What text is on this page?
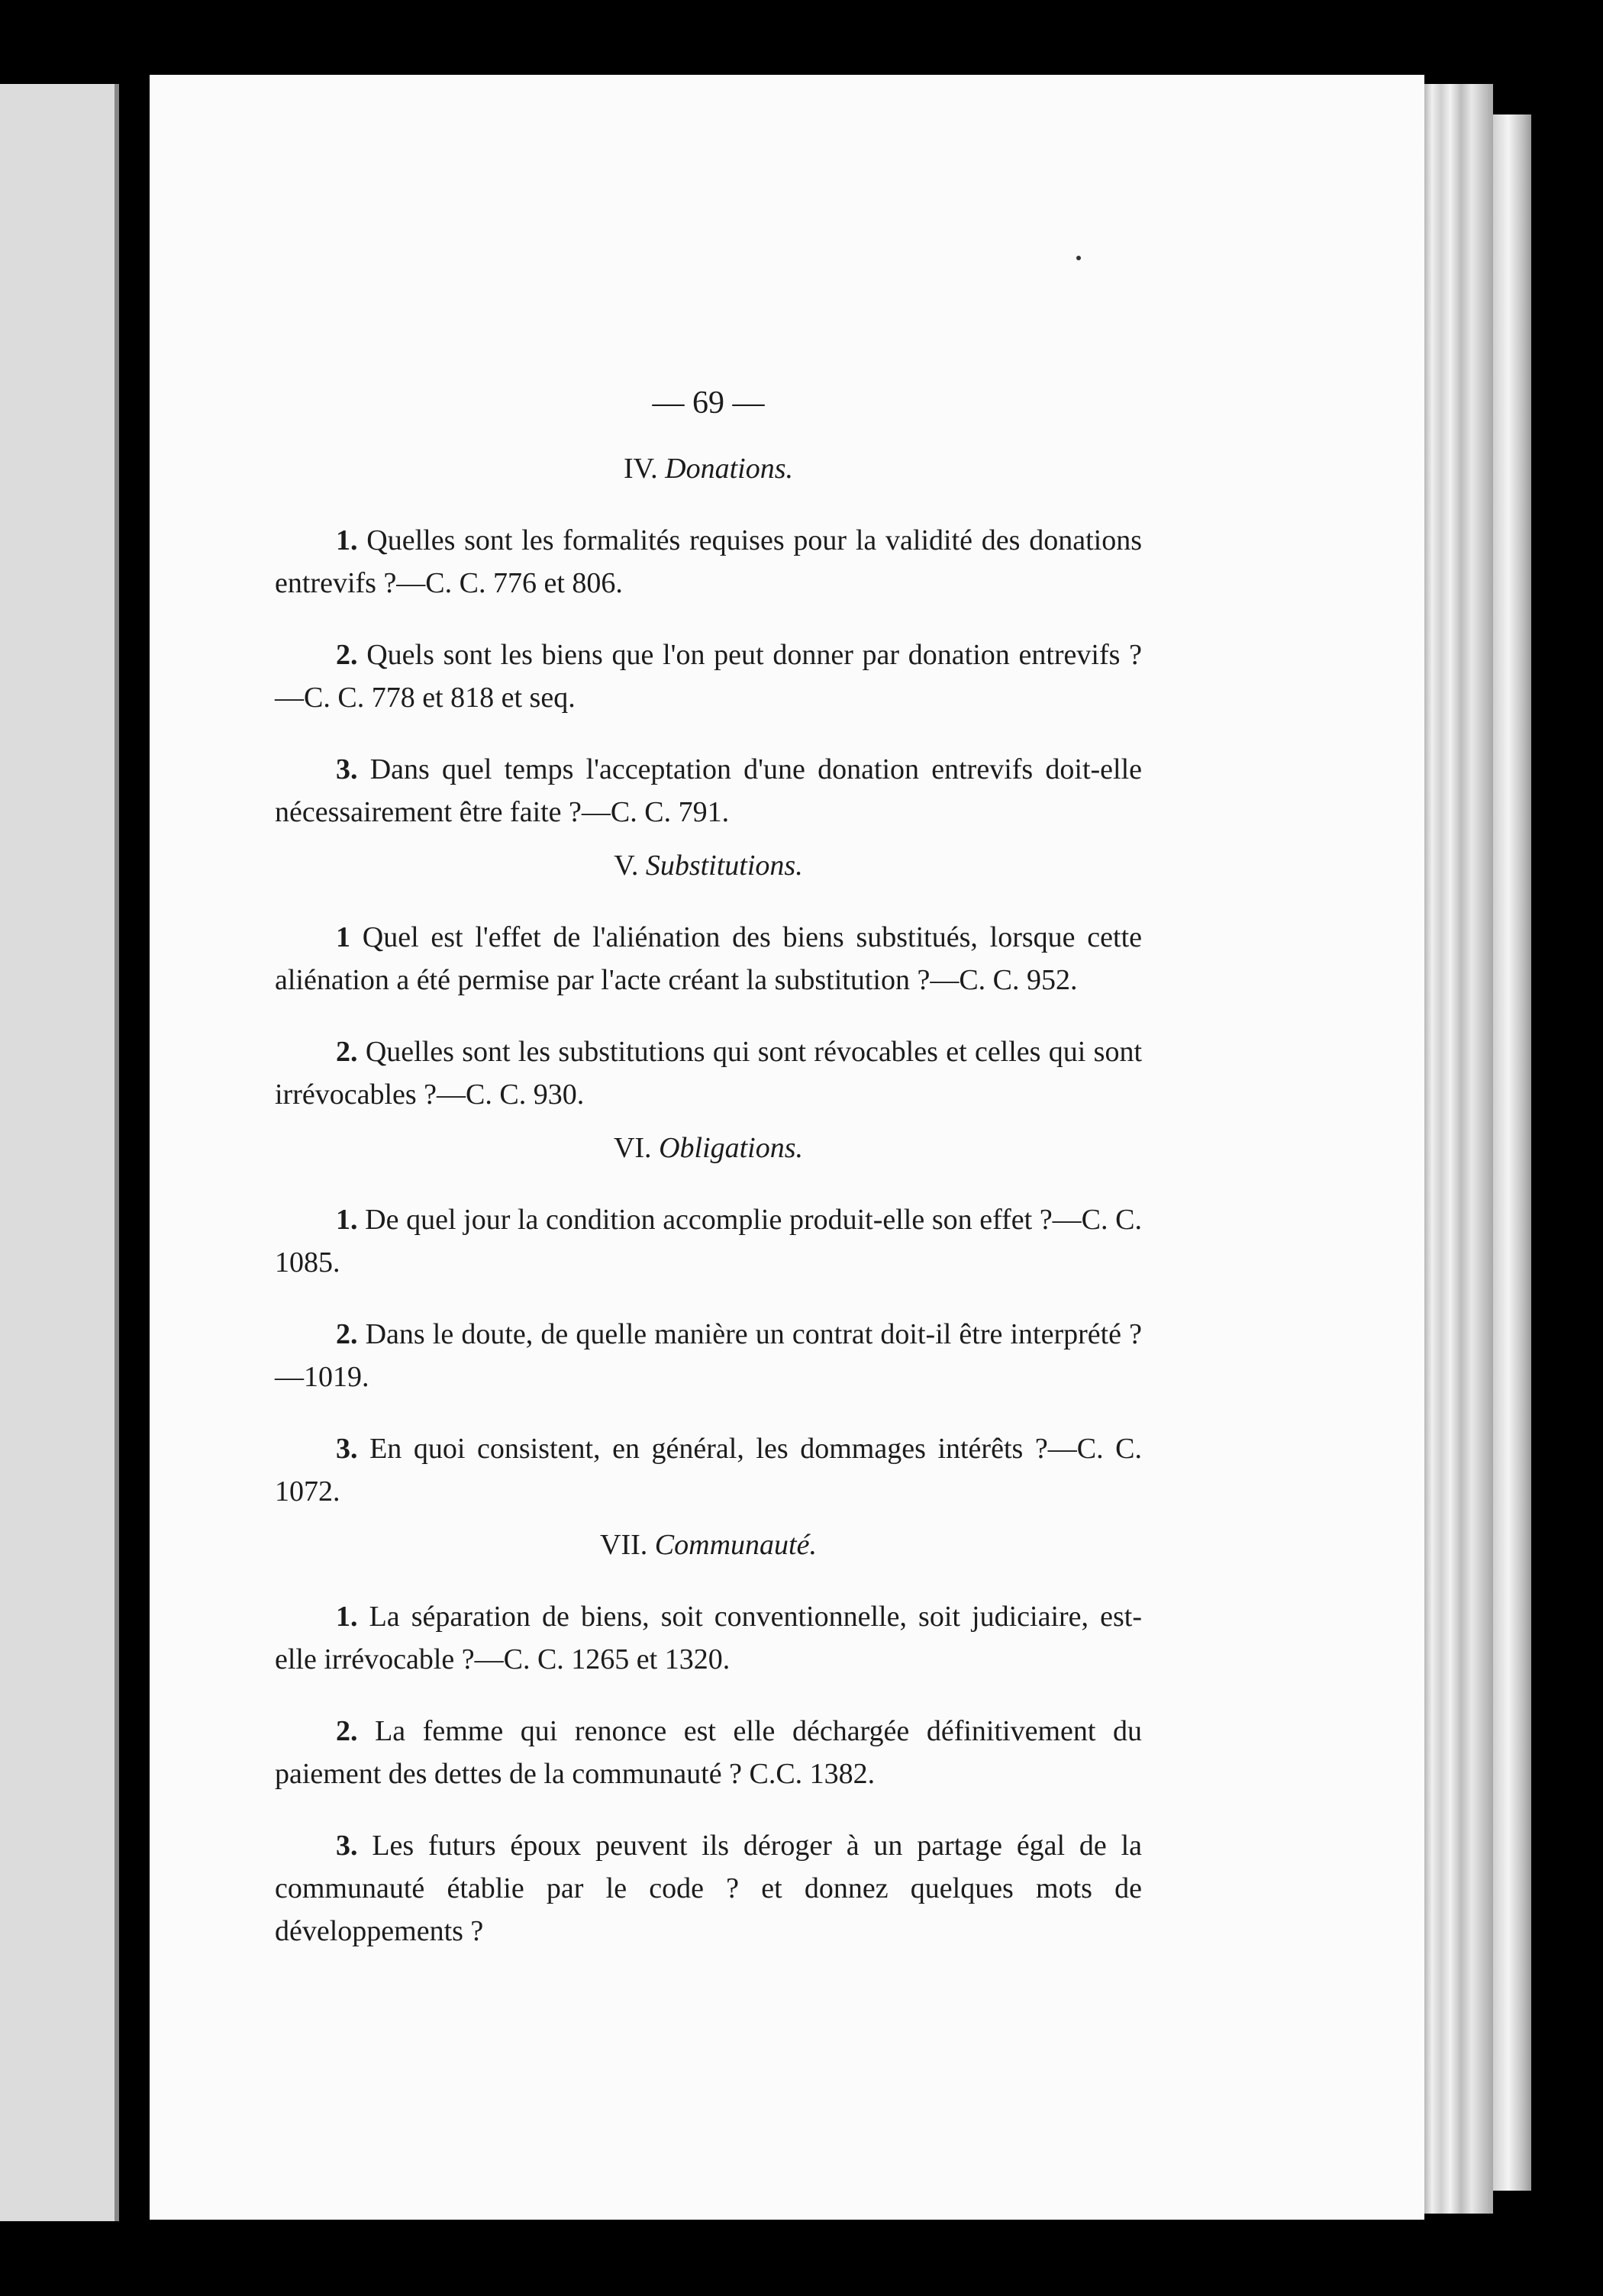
— 69 —
IV. Donations.

1. Quelles sont les formalités requises pour la validité des donations entrevifs ?—C. C. 776 et 806.

2. Quels sont les biens que l'on peut donner par donation entrevifs ?—C. C. 778 et 818 et seq.

3. Dans quel temps l'acceptation d'une donation entrevifs doit-elle nécessairement être faite ?—C. C. 791.

V. Substitutions.

1 Quel est l'effet de l'aliénation des biens substitués, lorsque cette aliénation a été permise par l'acte créant la substitution ?—C. C. 952.

2. Quelles sont les substitutions qui sont révocables et celles qui sont irrévocables ?—C. C. 930.

VI. Obligations.

1. De quel jour la condition accomplie produit-elle son effet ?—C. C. 1085.

2. Dans le doute, de quelle manière un contrat doit-il être interprété ?—1019.

3. En quoi consistent, en général, les dommages intérêts ?—C. C. 1072.

VII. Communauté.

1. La séparation de biens, soit conventionnelle, soit judiciaire, est-elle irrévocable ?—C. C. 1265 et 1320.

2. La femme qui renonce est elle déchargée définitivement du paiement des dettes de la communauté ? C.C. 1382.

3. Les futurs époux peuvent ils déroger à un partage égal de la communauté établie par le code ? et donnez quelques mots de développements ?
